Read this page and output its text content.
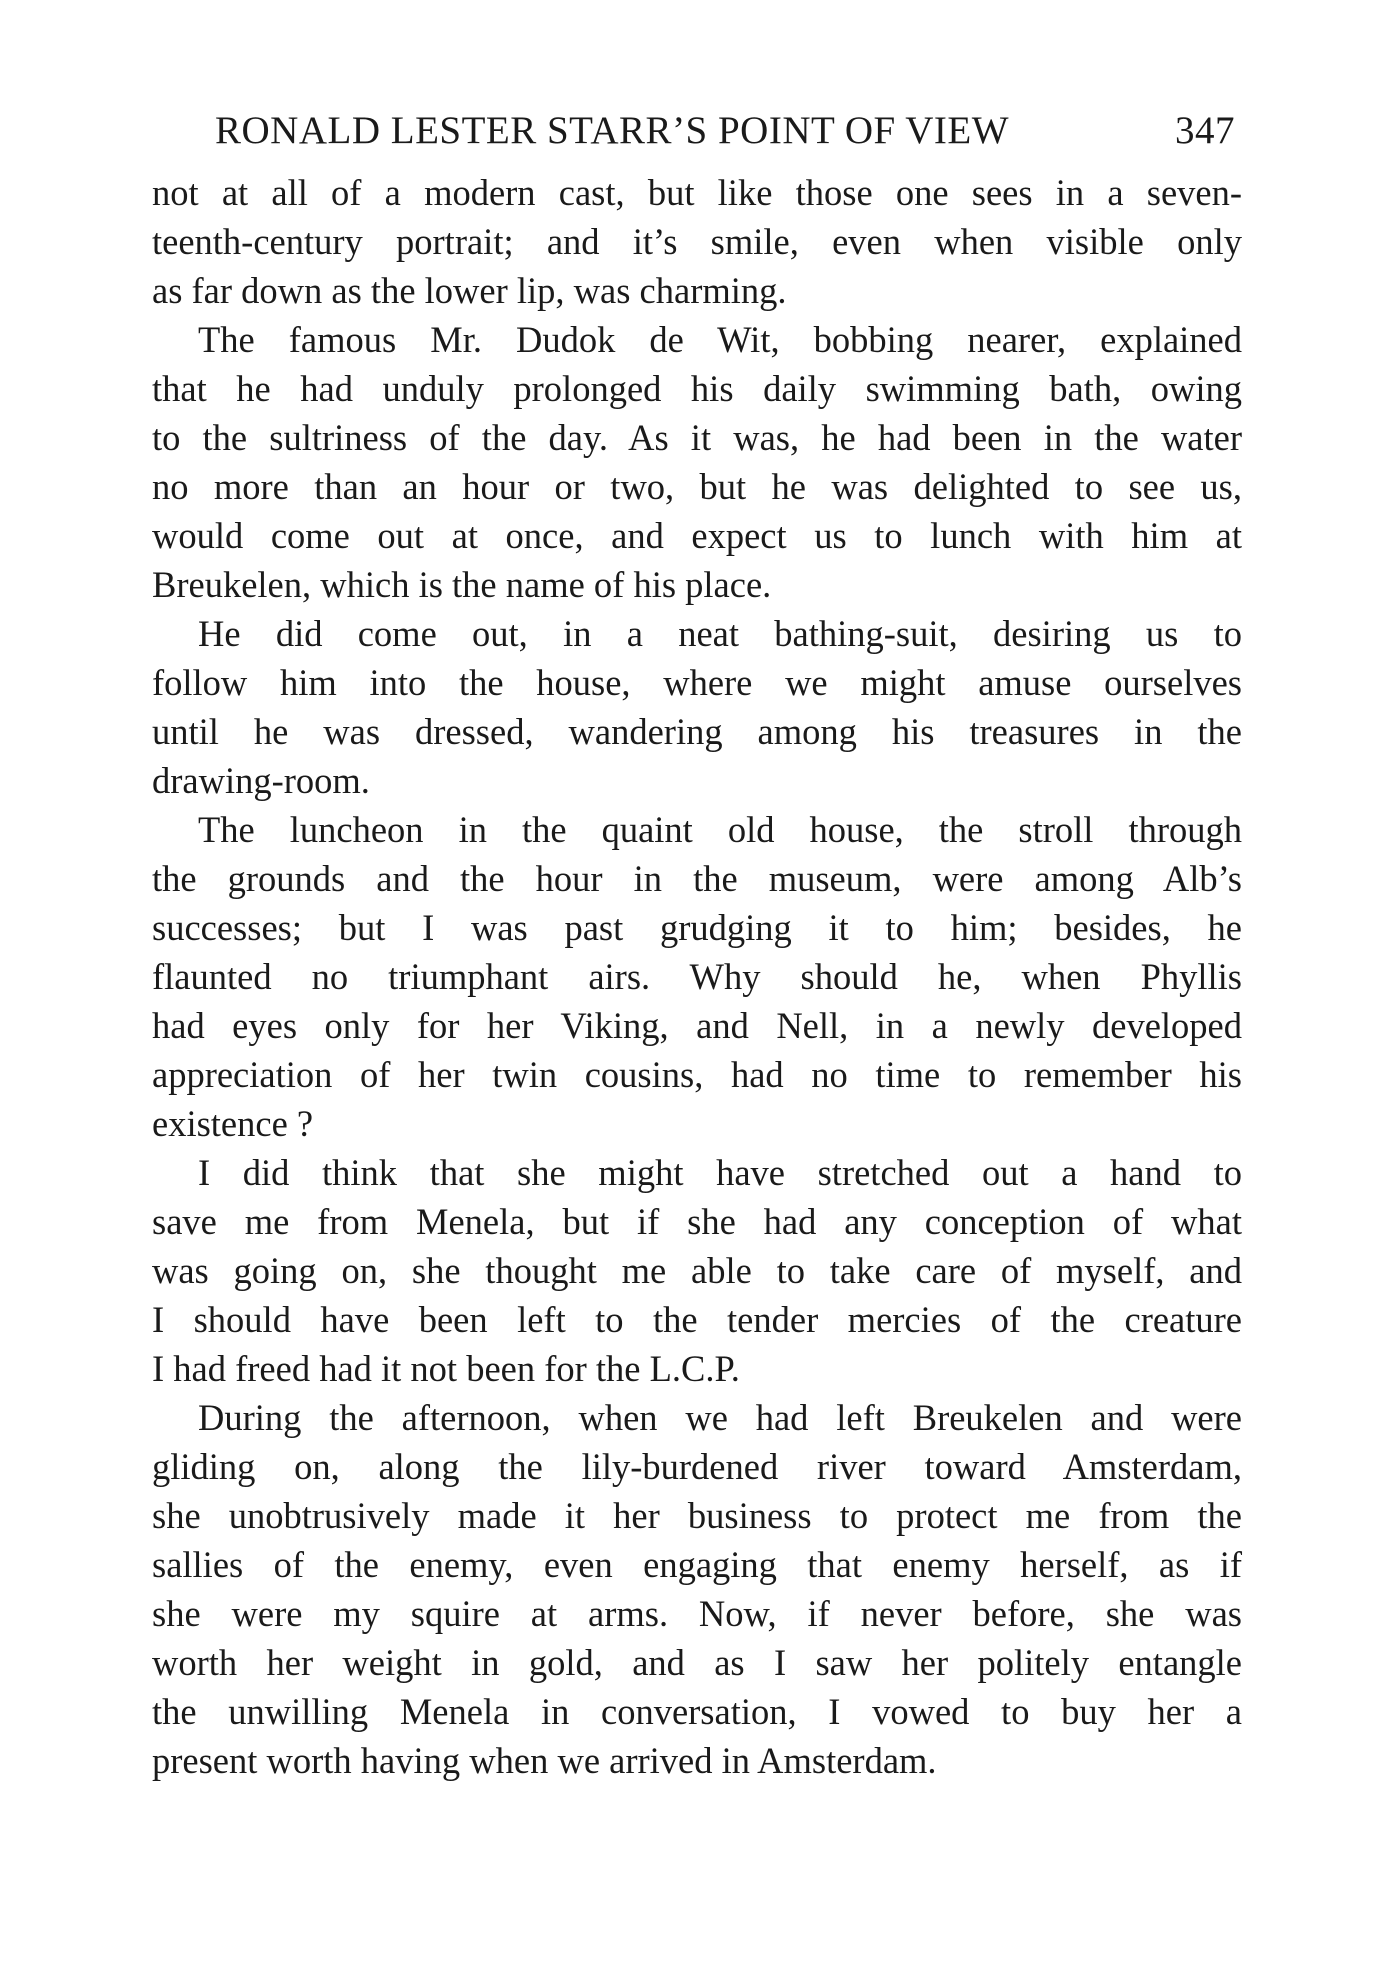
RONALD LESTER STARR’S POINT OF VIEW	347
not at all of a modern cast, but like those one sees in a seven-
teenth-century portrait; and it’s smile, even when visible only
as far down as the lower lip, was charming.
The famous Mr. Dudok de Wit, bobbing nearer, explained
that he had unduly prolonged his daily swimming bath, owing
to the sultriness of the day. As it was, he had been in the water
no more than an hour or two, but he was delighted to see us,
would come out at once, and expect us to lunch with him at
Breukelen, which is the name of his place.
He did come out, in a neat bathing-suit, desiring us to
follow him into the house, where we might amuse ourselves
until he was dressed, wandering among his treasures in the
drawing-room.
The luncheon in the quaint old house, the stroll through
the grounds and the hour in the museum, were among Alb’s
successes; but I was past grudging it to him; besides, he
flaunted no triumphant airs. Why should he, when Phyllis
had eyes only for her Viking, and Nell, in a newly developed
appreciation of her twin cousins, had no time to remember his
existence ?
I did think that she might have stretched out a hand to
save me from Menela, but if she had any conception of what
was going on, she thought me able to take care of myself, and
I should have been left to the tender mercies of the creature
I had freed had it not been for the L.C.P.
During the afternoon, when we had left Breukelen and were
gliding on, along the lily-burdened river toward Amsterdam,
she unobtrusively made it her business to protect me from the
sallies of the enemy, even engaging that enemy herself, as if
she were my squire at arms. Now, if never before, she was
worth her weight in gold, and as I saw her politely entangle
the unwilling Menela in conversation, I vowed to buy her a
present worth having when we arrived in Amsterdam.
